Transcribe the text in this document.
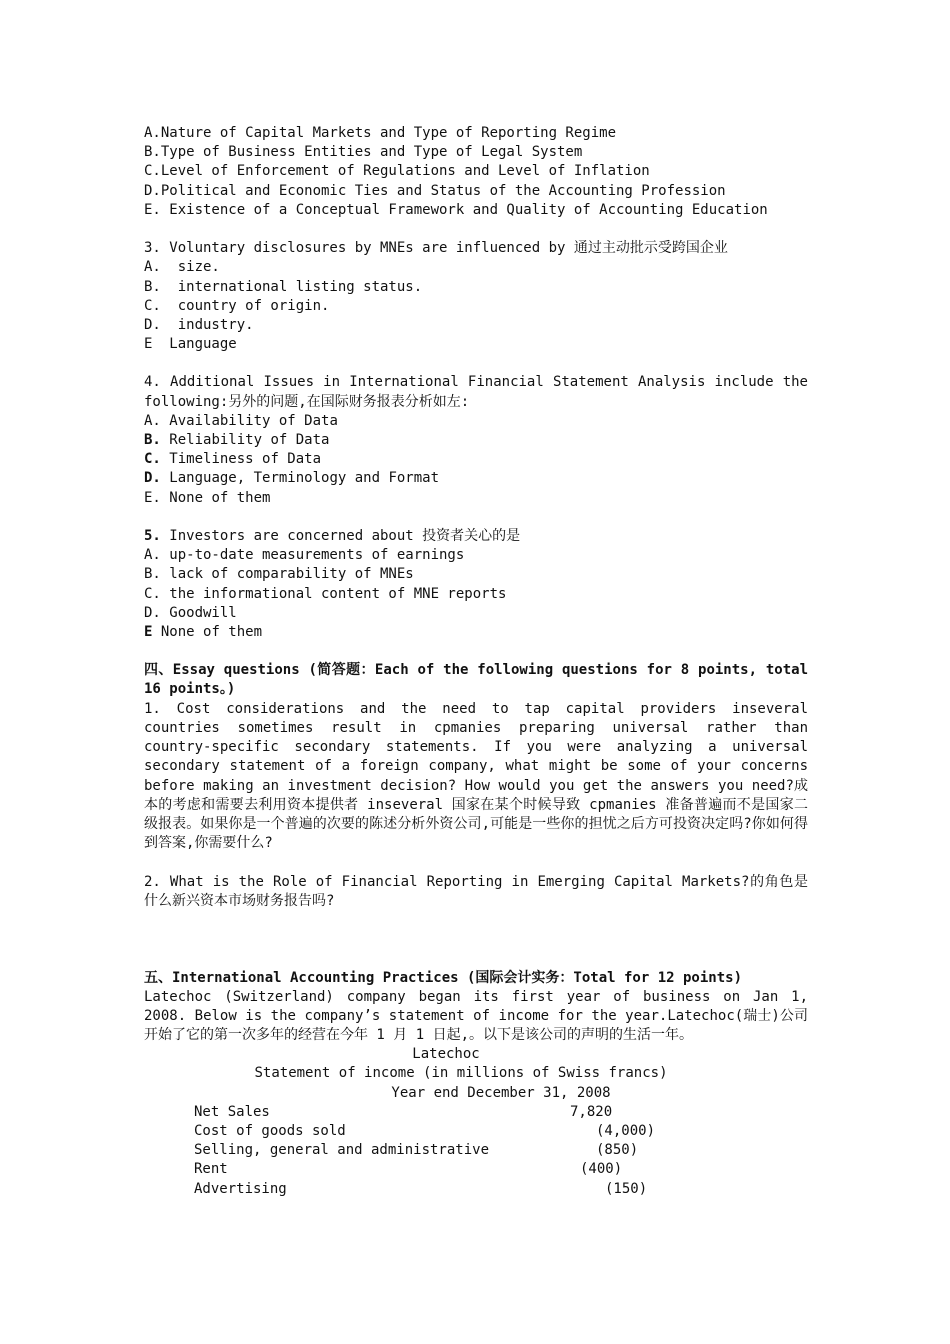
A.Nature of Capital Markets and Type of Reporting Regime
B.Type of Business Entities and Type of Legal System
C.Level of Enforcement of Regulations and Level of Inflation
D.Political and Economic Ties and Status of the Accounting Profession
E. Existence of a Conceptual Framework and Quality of Accounting Education
3. Voluntary disclosures by MNEs are influenced by 通过主动批示受跨国企业
A.  size.
B.  international listing status.
C.  country of origin.
D.  industry.
E  Language
4. Additional Issues in International Financial Statement Analysis include the following:另外的问题,在国际财务报表分析如左:
A. Availability of Data
B. Reliability of Data
C. Timeliness of Data
D. Language, Terminology and Format
E. None of them
5. Investors are concerned about 投资者关心的是
A. up-to-date measurements of earnings
B. lack of comparability of MNEs
C. the informational content of MNE reports
D. Goodwill
E None of them
四、Essay questions (简答题：Each of the following questions for 8 points, total 16 points。)
1. Cost considerations and the need to tap capital providers inseveral countries sometimes result in cpmanies preparing universal rather than country-specific secondary statements. If you were analyzing a universal secondary statement of a foreign company, what might be some of your concerns before making an investment decision? How would you get the answers you need?成本的考虑和需要去利用资本提供者 inseveral 国家在某个时候导致 cpmanies 准备普遍而不是国家二级报表。如果你是一个普遍的次要的陈述分析外资公司,可能是一些你的担忧之后方可投资决定吗?你如何得到答案,你需要什么?
2. What is the Role of Financial Reporting in Emerging Capital Markets?的角色是什么新兴资本市场财务报告吗?
五、International Accounting Practices (国际会计实务：Total for 12 points)
Latechoc (Switzerland) company began its first year of business on Jan 1, 2008. Below is the company’s statement of income for the year.Latechoc(瑞士)公司开始了它的第一次多年的经营在今年 1 月 1 日起,。以下是该公司的声明的生活一年。
Latechoc
Statement of income (in millions of Swiss francs)
Year end December 31, 2008
Net Sales	7,820
Cost of goods sold	(4,000)
Selling, general and administrative	(850)
Rent	(400)
Advertising	(150)
